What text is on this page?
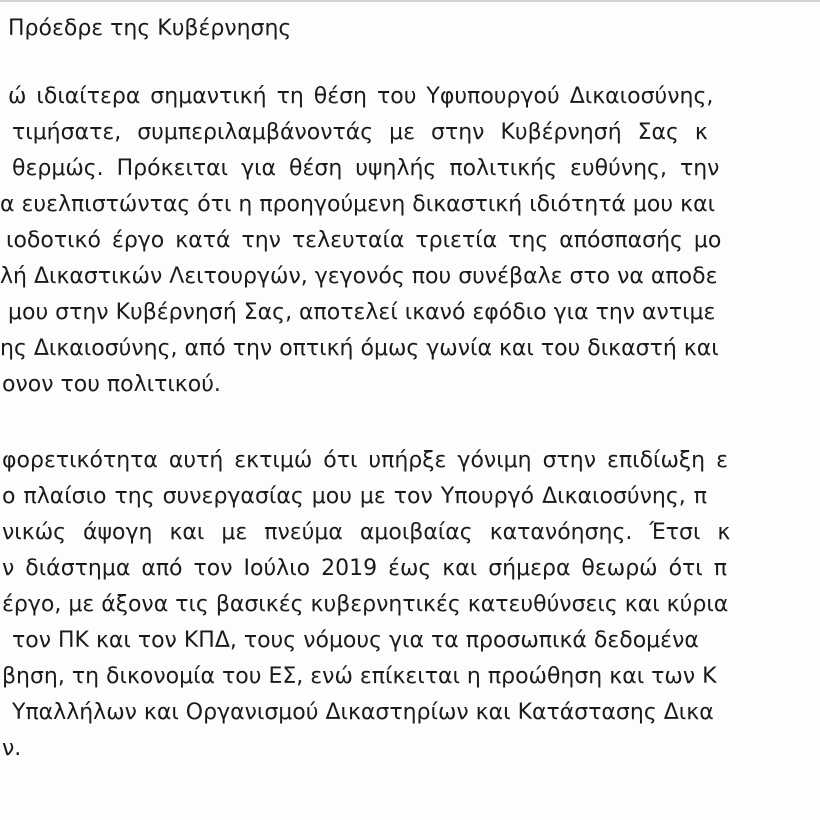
Πρόεδρε της Κυβέρνησης
ώ ιδιαίτερα σημαντική τη θέση του Υφυπουργού Δικαιοσύνης,
τιμήσατε, συμπεριλαμβάνοντάς με στην Κυβέρνησή Σας κ
θερμώς. Πρόκειται για θέση υψηλής πολιτικής ευθύνης, την
α ευελπιστώντας ότι η προηγούμενη δικαστική ιδιότητά μου και
ιοδοτικό έργο κατά την τελευταία τριετία της απόσπασής μο
λή Δικαστικών Λειτουργών, γεγονός που συνέβαλε στο να αποδε
μου στην Κυβέρνησή Σας, αποτελεί ικανό εφόδιο για την αντιμε
ης Δικαιοσύνης, από την οπτική όμως γωνία και του δικαστή και
ονον του πολιτικού.
φορετικότητα αυτή εκτιμώ ότι υπήρξε γόνιμη στην επιδίωξη ε
ο πλαίσιο της συνεργασίας μου με τον Υπουργό Δικαιοσύνης, π
νικώς άψογη και με πνεύμα αμοιβαίας κατανόησης. Έτσι κ
ν διάστημα από τον Ιούλιο 2019 έως και σήμερα θεωρώ ότι π
έργο, με άξονα τις βασικές κυβερνητικές κατευθύνσεις και κύρια
τον ΠΚ και τον ΚΠΔ, τους νόμους για τα προσωπικά δεδομένα
βηση, τη δικονομία του ΕΣ, ενώ επίκειται η προώθηση και των Κ
Υπαλλήλων και Οργανισμού Δικαστηρίων και Κατάστασης Δικα
ν.
